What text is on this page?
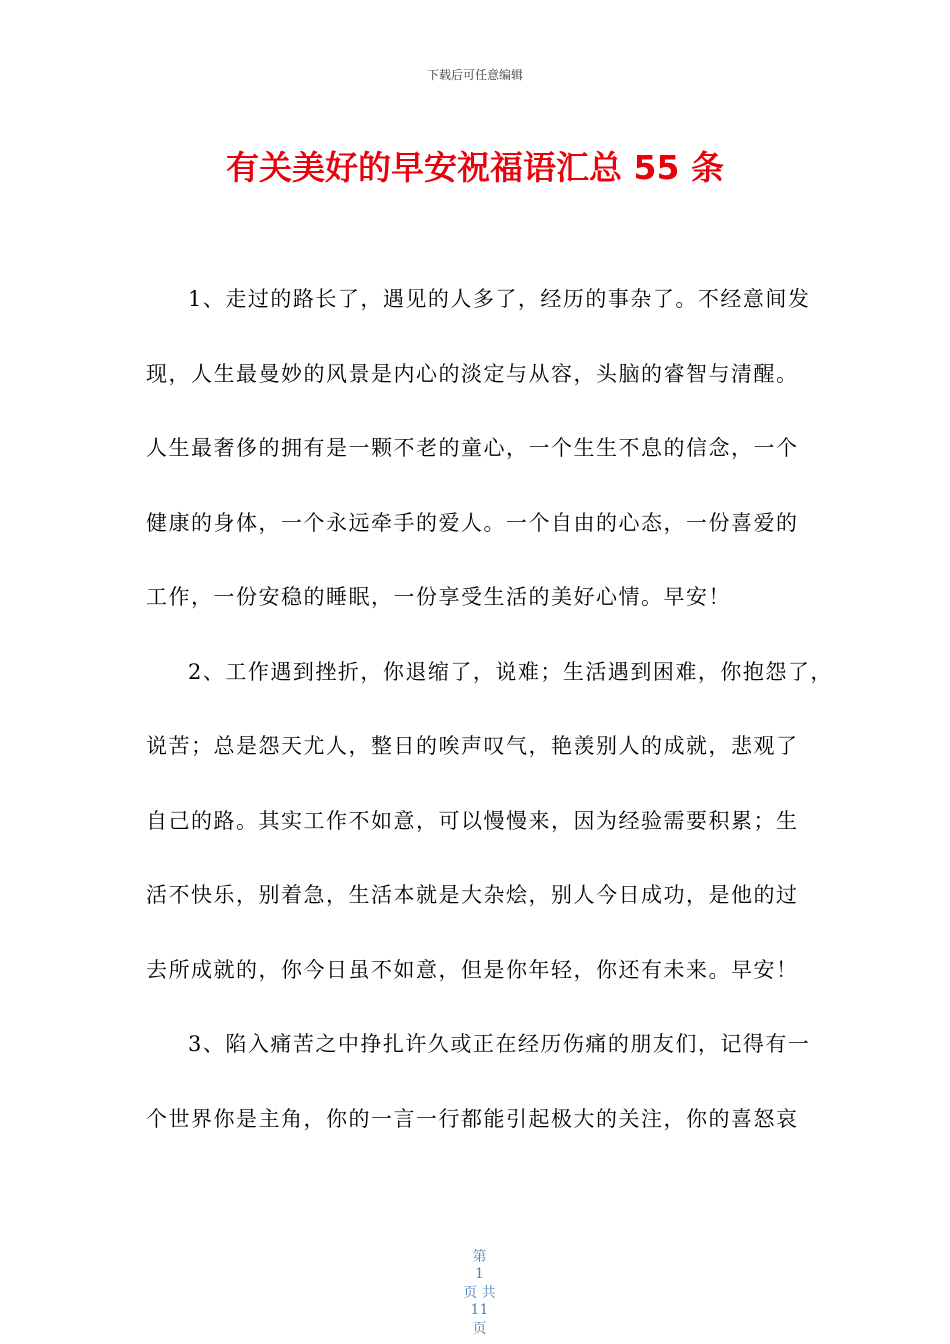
下载后可任意编辑
有关美好的早安祝福语汇总 55 条
1、走过的路长了，遇见的人多了，经历的事杂了。不经意间发
现，人生最曼妙的风景是内心的淡定与从容，头脑的睿智与清醒。
人生最奢侈的拥有是一颗不老的童心，一个生生不息的信念，一个
健康的身体，一个永远牵手的爱人。一个自由的心态，一份喜爱的
工作，一份安稳的睡眠，一份享受生活的美好心情。早安！
2、工作遇到挫折，你退缩了，说难；生活遇到困难，你抱怨了，
说苦；总是怨天尤人，整日的唉声叹气，艳羡别人的成就，悲观了
自己的路。其实工作不如意，可以慢慢来，因为经验需要积累；生
活不快乐，别着急，生活本就是大杂烩，别人今日成功，是他的过
去所成就的，你今日虽不如意，但是你年轻，你还有未来。早安！
3、陷入痛苦之中挣扎许久或正在经历伤痛的朋友们，记得有一
个世界你是主角，你的一言一行都能引起极大的关注，你的喜怒哀

第
1
页 共
11
页
